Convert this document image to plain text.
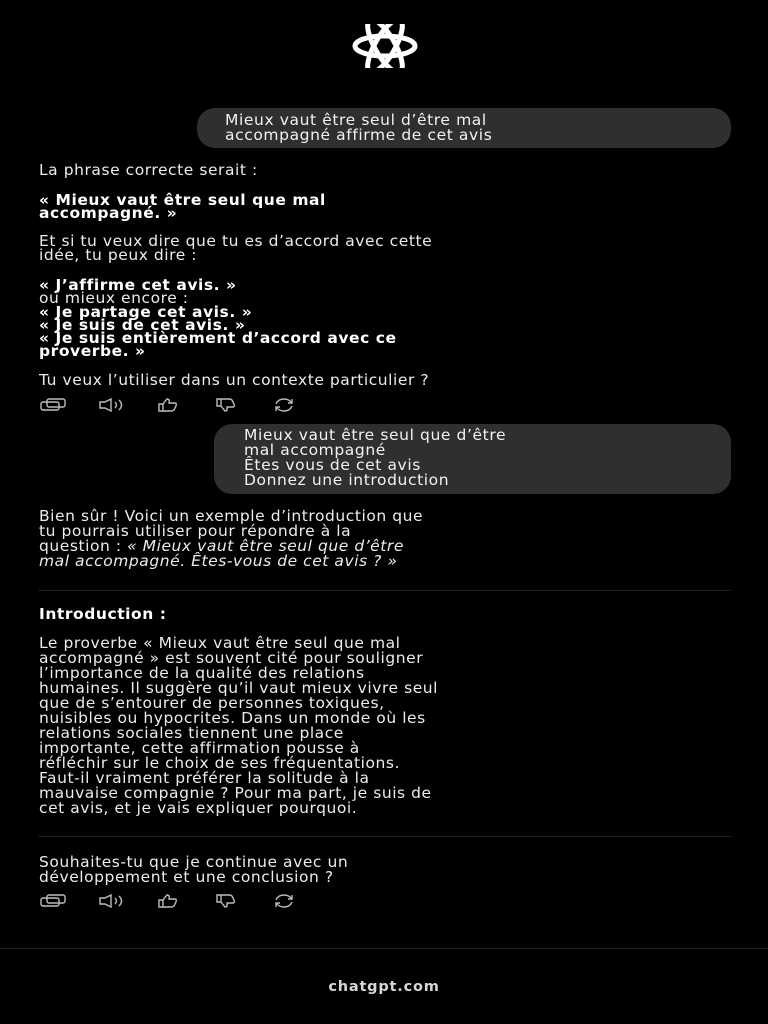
Mieux vaut être seul d’être mal
accompagné affirme de cet avis
La phrase correcte serait :
« Mieux vaut être seul que mal
accompagné. »
Et si tu veux dire que tu es d’accord avec cette
idée, tu peux dire :
« J’affirme cet avis. »
ou mieux encore :
« Je partage cet avis. »
« Je suis de cet avis. »
« Je suis entièrement d’accord avec ce
proverbe. »
Tu veux l’utiliser dans un contexte particulier ?
Mieux vaut être seul que d’être
mal accompagné
Êtes vous de cet avis
Donnez une introduction
Bien sûr ! Voici un exemple d’introduction que
tu pourrais utiliser pour répondre à la
question : « Mieux vaut être seul que d’être
mal accompagné. Êtes-vous de cet avis ? »
Introduction :
Le proverbe « Mieux vaut être seul que mal
accompagné » est souvent cité pour souligner
l’importance de la qualité des relations
humaines. Il suggère qu’il vaut mieux vivre seul
que de s’entourer de personnes toxiques,
nuisibles ou hypocrites. Dans un monde où les
relations sociales tiennent une place
importante, cette affirmation pousse à
réfléchir sur le choix de ses fréquentations.
Faut-il vraiment préférer la solitude à la
mauvaise compagnie ? Pour ma part, je suis de
cet avis, et je vais expliquer pourquoi.
Souhaites-tu que je continue avec un
développement et une conclusion ?
chatgpt.com
